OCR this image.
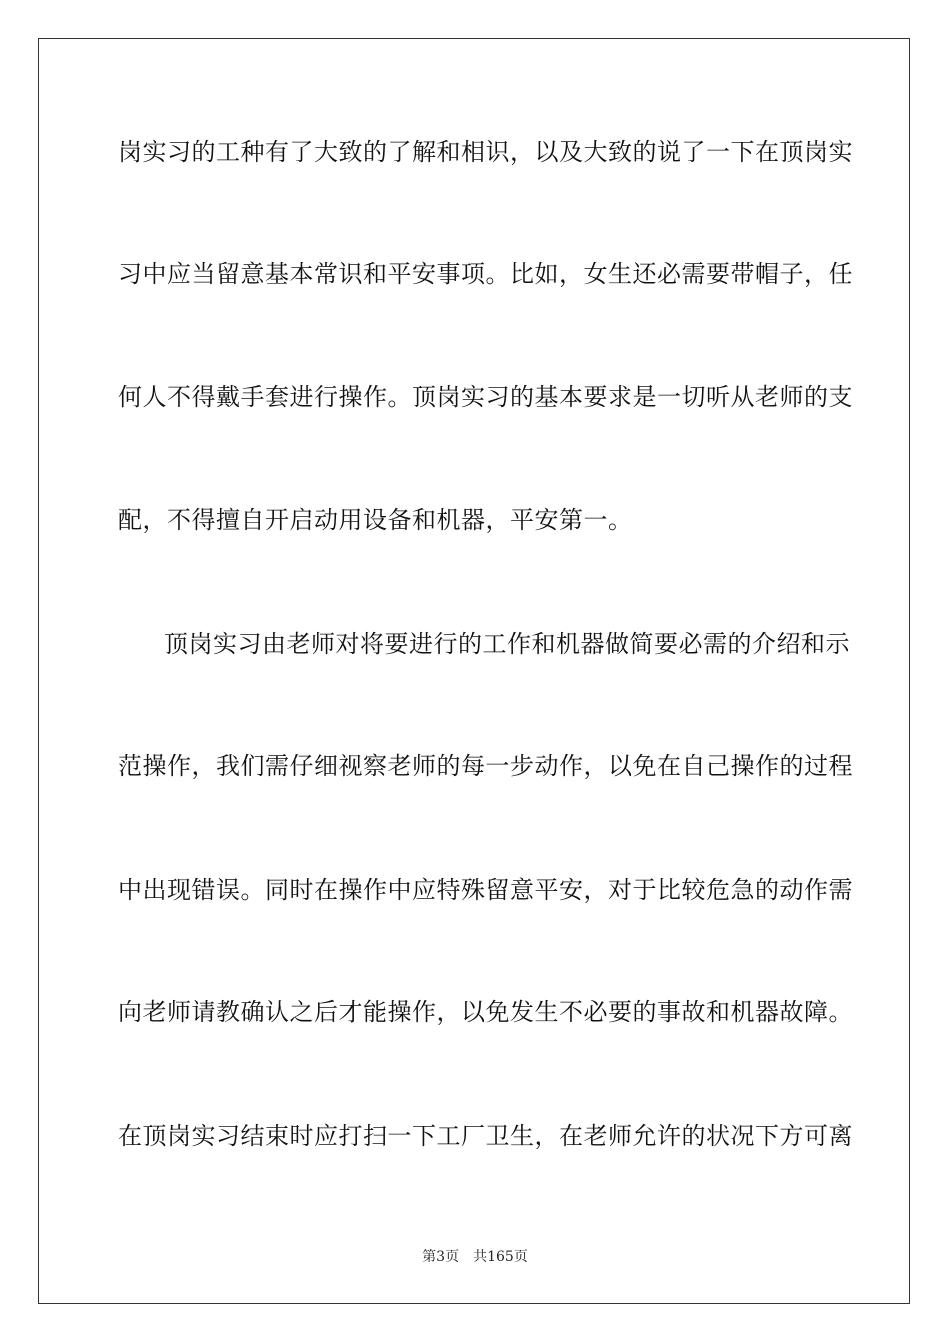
岗实习的工种有了大致的了解和相识，以及大致的说了一下在顶岗实
习中应当留意基本常识和平安事项。比如，女生还必需要带帽子，任
何人不得戴手套进行操作。顶岗实习的基本要求是一切听从老师的支
配，不得擅自开启动用设备和机器，平安第一。
顶岗实习由老师对将要进行的工作和机器做简要必需的介绍和示
范操作，我们需仔细视察老师的每一步动作，以免在自己操作的过程
中出现错误。同时在操作中应特殊留意平安，对于比较危急的动作需
向老师请教确认之后才能操作，以免发生不必要的事故和机器故障。
在顶岗实习结束时应打扫一下工厂卫生，在老师允许的状况下方可离
第3页 共165页
